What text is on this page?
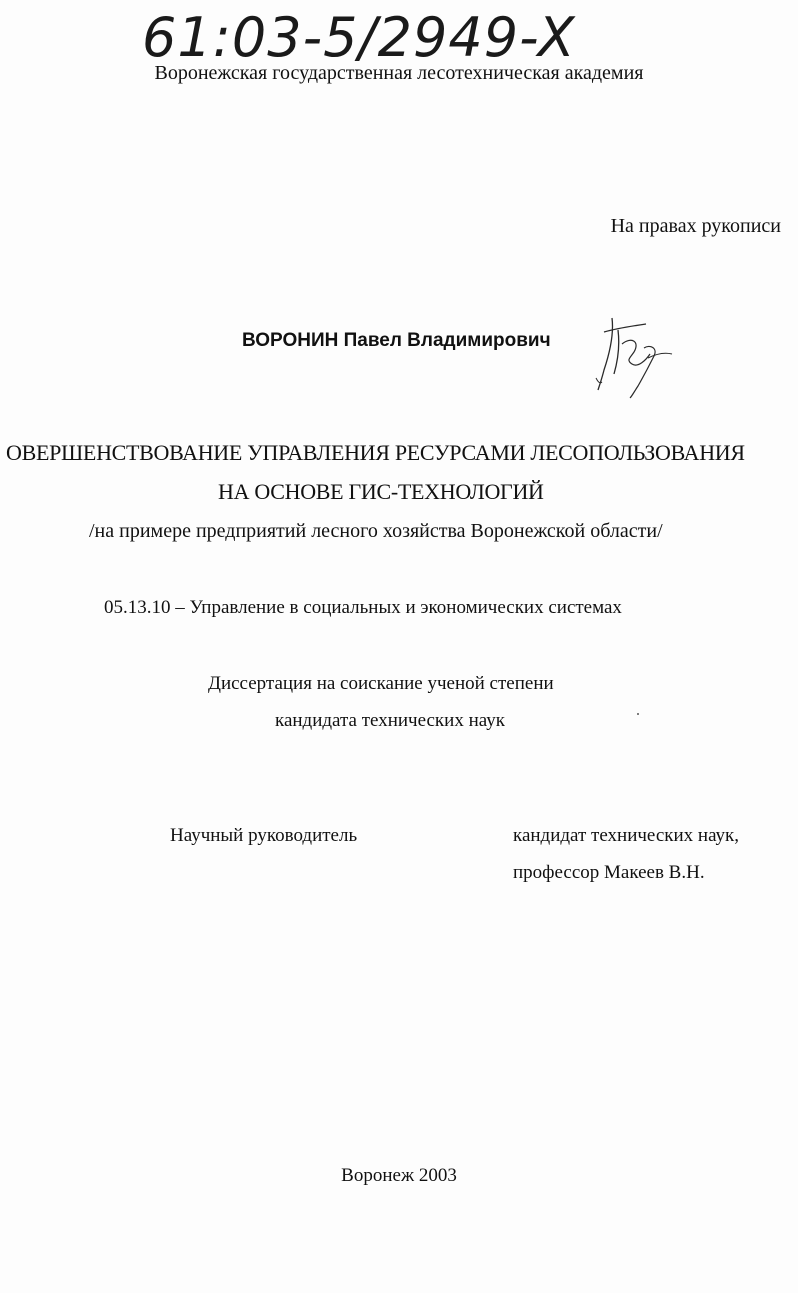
61:03-5/2949-X
Воронежская государственная лесотехническая академия
На правах рукописи
ВОРОНИН Павел Владимирович
ОВЕРШЕНСТВОВАНИЕ УПРАВЛЕНИЯ РЕСУРСАМИ ЛЕСОПОЛЬЗОВАНИЯ
НА ОСНОВЕ ГИС-ТЕХНОЛОГИЙ
/на примере предприятий лесного хозяйства Воронежской области/
05.13.10 – Управление в социальных и экономических системах
Диссертация на соискание ученой степени
кандидата технических наук
Научный руководитель	кандидат технических наук,
профессор Макеев В.Н.
Воронеж 2003
